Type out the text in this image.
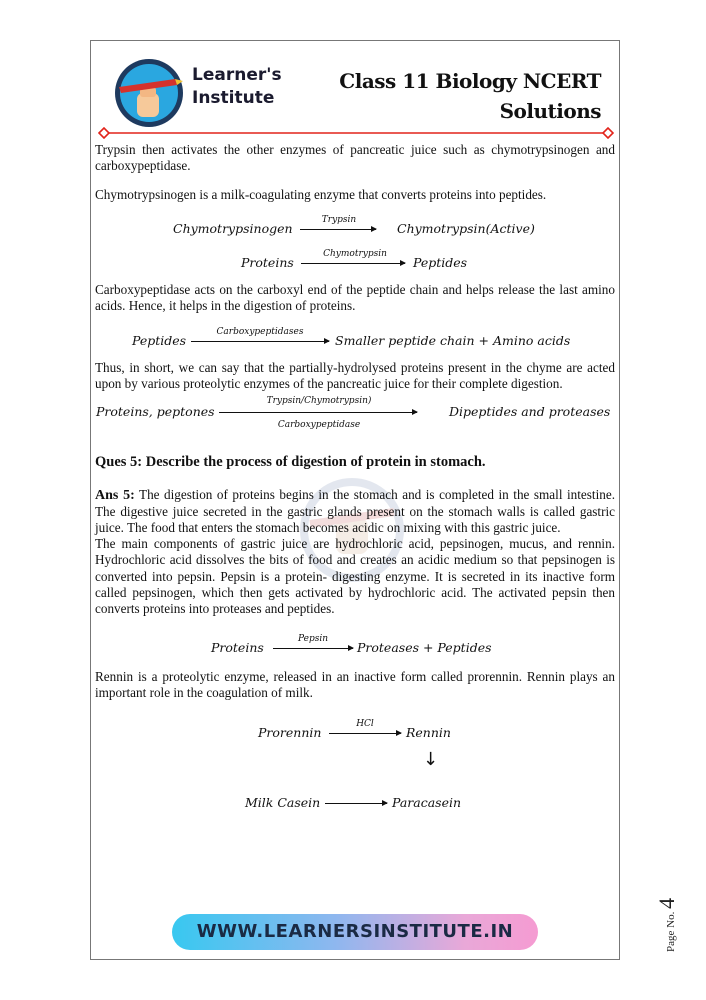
Learner's
Institute
Class 11 Biology NCERT
Solutions

Trypsin then activates the other enzymes of pancreatic juice such as chymotrypsinogen and carboxypeptidase.

Chymotrypsinogen is a milk-coagulating enzyme that converts proteins into peptides.

Chymotrypsinogen
Trypsin
Chymotrypsin(Active)
Proteins
Chymotrypsin
Peptides

Carboxypeptidase acts on the carboxyl end of the peptide chain and helps release the last amino acids. Hence, it helps in the digestion of proteins.

Peptides
Carboxypeptidases
Smaller peptide chain + Amino acids

Thus, in short, we can say that the partially-hydrolysed proteins present in the chyme are acted upon by various proteolytic enzymes of the pancreatic juice for their complete digestion.

Proteins, peptones
Trypsin/Chymotrypsin)
Carboxypeptidase
Dipeptides and proteases

Ques 5: Describe the process of digestion of protein in stomach.

Ans 5: The digestion of proteins begins in the stomach and is completed in the small intestine. The digestive juice secreted in the gastric glands present on the stomach walls is called gastric juice. The food that enters the stomach becomes acidic on mixing with this gastric juice.

The main components of gastric juice are hydrochloric acid, pepsinogen, mucus, and rennin. Hydrochloric acid dissolves the bits of food and creates an acidic medium so that pepsinogen is converted into pepsin. Pepsin is a protein- digesting enzyme. It is secreted in its inactive form called pepsinogen, which then gets activated by hydrochloric acid. The activated pepsin then converts proteins into proteases and peptides.

Proteins
Pepsin
Proteases + Peptides

Rennin is a proteolytic enzyme, released in an inactive form called prorennin. Rennin plays an important role in the coagulation of milk.

Prorennin
HCl
Rennin
↓
Milk Casein	Paracasein
WWW.LEARNERSINSTITUTE.IN	Page No. 4
